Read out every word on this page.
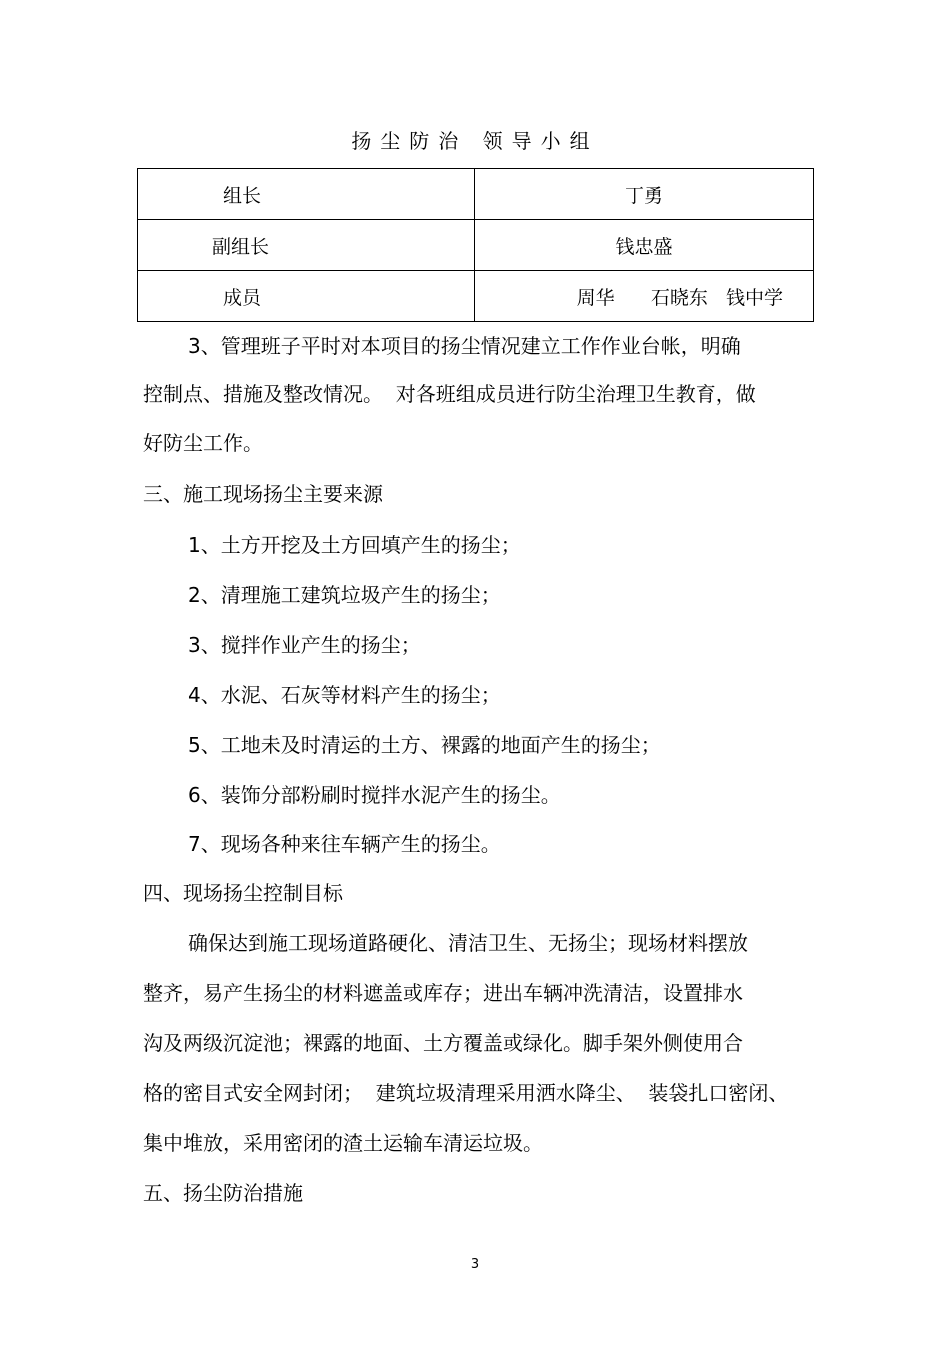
扬尘防治 领导小组
组长	丁勇
副组长	钱忠盛
成员	周华      石晓东   钱中学
3、管理班子平时对本项目的扬尘情况建立工作作业台帐，明确
控制点、措施及整改情况。  对各班组成员进行防尘治理卫生教育，做
好防尘工作。
三、施工现场扬尘主要来源
1、土方开挖及土方回填产生的扬尘；
2、清理施工建筑垃圾产生的扬尘；
3、搅拌作业产生的扬尘；
4、水泥、石灰等材料产生的扬尘；
5、工地未及时清运的土方、裸露的地面产生的扬尘；
6、装饰分部粉刷时搅拌水泥产生的扬尘。
7、现场各种来往车辆产生的扬尘。
四、现场扬尘控制目标
确保达到施工现场道路硬化、清洁卫生、无扬尘；现场材料摆放
整齐，易产生扬尘的材料遮盖或库存；进出车辆冲洗清洁，设置排水
沟及两级沉淀池；裸露的地面、土方覆盖或绿化。脚手架外侧使用合
格的密目式安全网封闭；  建筑垃圾清理采用洒水降尘、  装袋扎口密闭、
集中堆放，采用密闭的渣土运输车清运垃圾。
五、扬尘防治措施
3
